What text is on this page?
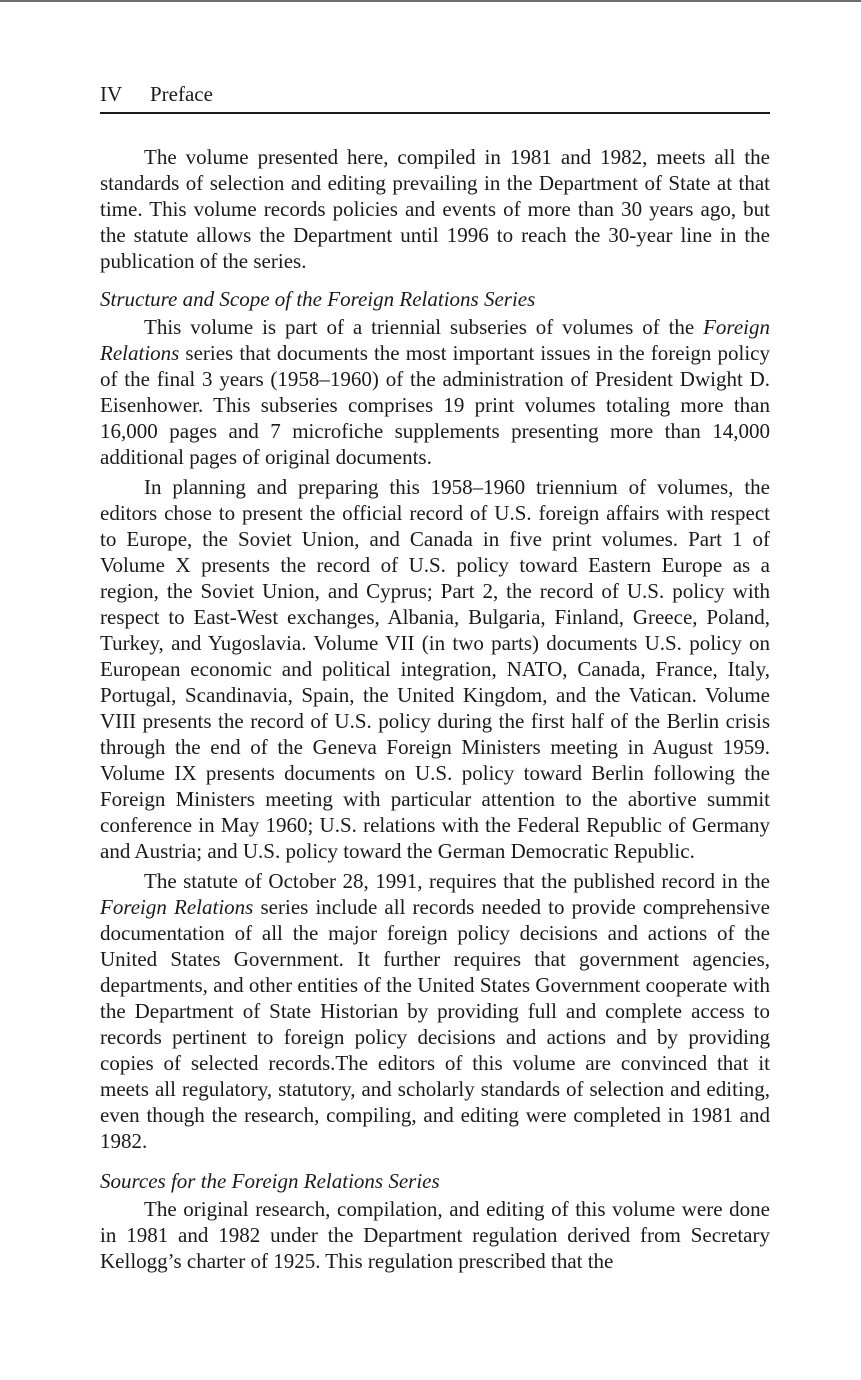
IV	Preface

The volume presented here, compiled in 1981 and 1982, meets all the standards of selection and editing prevailing in the Department of State at that time. This volume records policies and events of more than 30 years ago, but the statute allows the Department until 1996 to reach the 30-year line in the publication of the series.

Structure and Scope of the Foreign Relations Series

This volume is part of a triennial subseries of volumes of the Foreign Relations series that documents the most important issues in the foreign policy of the final 3 years (1958–1960) of the administration of President Dwight D. Eisenhower. This subseries comprises 19 print volumes totaling more than 16,000 pages and 7 microfiche supplements presenting more than 14,000 additional pages of original documents.

In planning and preparing this 1958–1960 triennium of volumes, the editors chose to present the official record of U.S. foreign affairs with respect to Europe, the Soviet Union, and Canada in five print volumes. Part 1 of Volume X presents the record of U.S. policy toward Eastern Europe as a region, the Soviet Union, and Cyprus; Part 2, the record of U.S. policy with respect to East-West exchanges, Albania, Bulgaria, Finland, Greece, Poland, Turkey, and Yugoslavia. Volume VII (in two parts) documents U.S. policy on European economic and political integration, NATO, Canada, France, Italy, Portugal, Scandinavia, Spain, the United Kingdom, and the Vatican. Volume VIII presents the record of U.S. policy during the first half of the Berlin crisis through the end of the Geneva Foreign Ministers meeting in August 1959. Volume IX presents documents on U.S. policy toward Berlin following the Foreign Ministers meeting with particular attention to the abortive summit conference in May 1960; U.S. relations with the Federal Republic of Germany and Austria; and U.S. policy toward the German Democratic Republic.

The statute of October 28, 1991, requires that the published record in the Foreign Relations series include all records needed to provide comprehensive documentation of all the major foreign policy decisions and actions of the United States Government. It further requires that government agencies, departments, and other entities of the United States Government cooperate with the Department of State Historian by providing full and complete access to records pertinent to foreign policy decisions and actions and by providing copies of selected records.The editors of this volume are convinced that it meets all regulatory, statutory, and scholarly standards of selection and editing, even though the research, compiling, and editing were completed in 1981 and 1982.

Sources for the Foreign Relations Series

The original research, compilation, and editing of this volume were done in 1981 and 1982 under the Department regulation derived from Secretary Kellogg’s charter of 1925. This regulation prescribed that the
